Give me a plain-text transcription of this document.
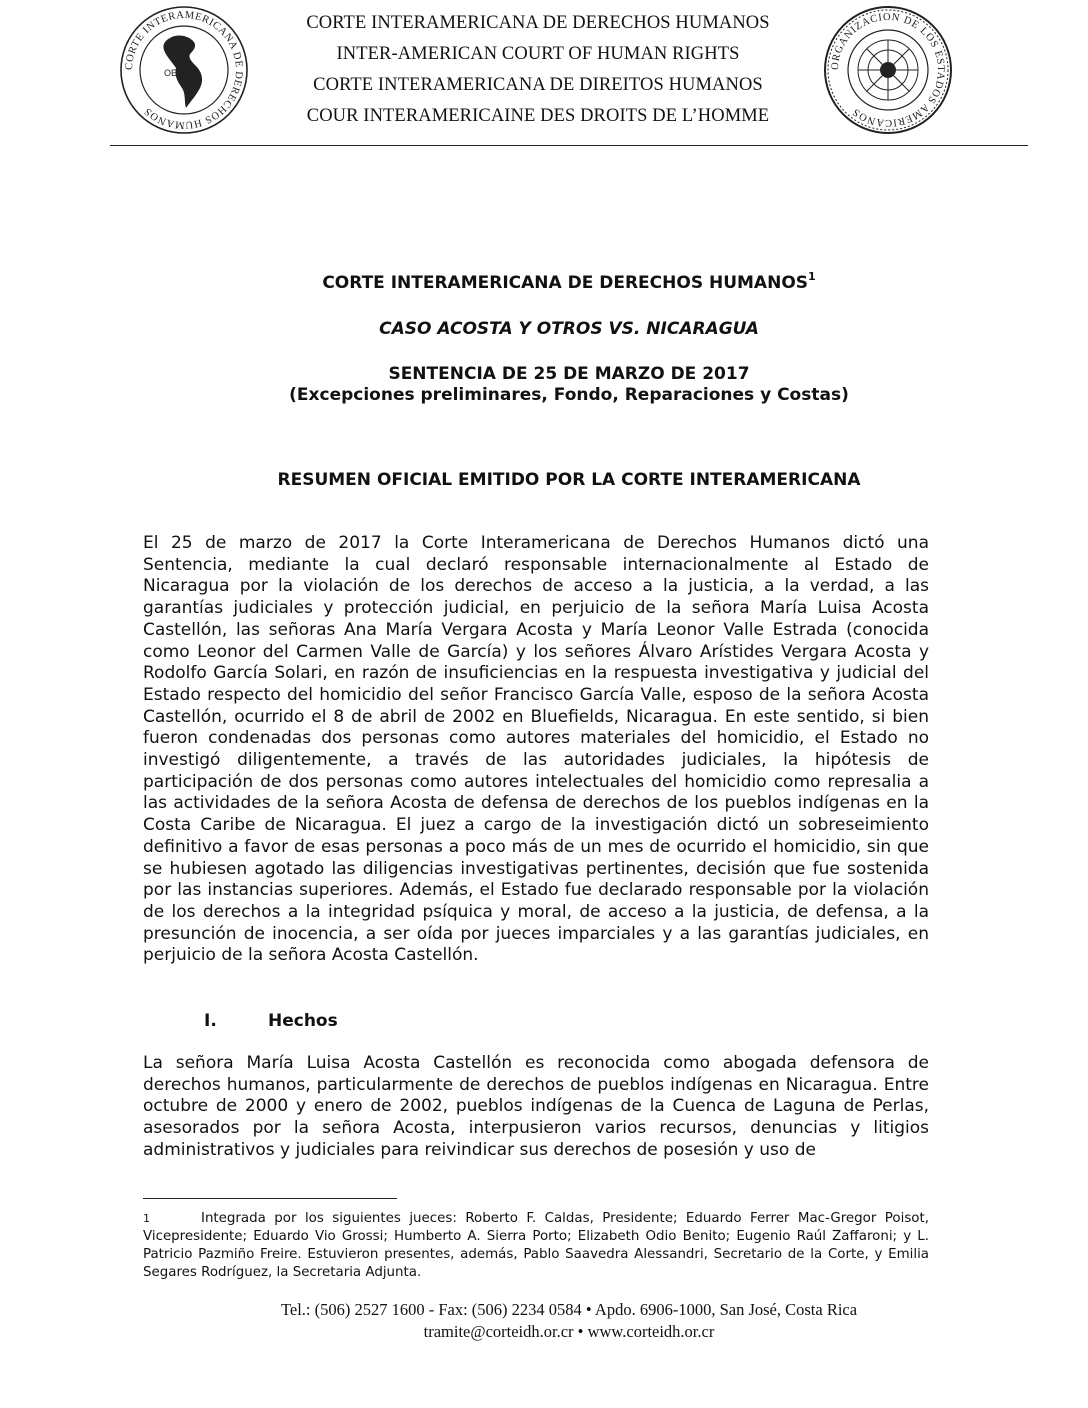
CORTE INTERAMERICANA DE DERECHOS HUMANOS
OEA
CORTE INTERAMERICANA DE DERECHOS HUMANOS
INTER-AMERICAN COURT OF HUMAN RIGHTS
CORTE INTERAMERICANA DE DIREITOS HUMANOS
COUR INTERAMERICAINE DES DROITS DE L’HOMME
ORGANIZACION DE LOS ESTADOS AMERICANOS
CORTE INTERAMERICANA DE DERECHOS HUMANOS$^1$
CASO ACOSTA Y OTROS VS. NICARAGUA
SENTENCIA DE 25 DE MARZO DE 2017
(Excepciones preliminares, Fondo, Reparaciones y Costas)
RESUMEN OFICIAL EMITIDO POR LA CORTE INTERAMERICANA

El 25 de marzo de 2017 la Corte Interamericana de Derechos Humanos dictó una Sentencia, mediante la cual declaró responsable internacionalmente al Estado de Nicaragua por la violación de los derechos de acceso a la justicia, a la verdad, a las garantías judiciales y protección judicial, en perjuicio de la señora María Luisa Acosta Castellón, las señoras Ana María Vergara Acosta y María Leonor Valle Estrada (conocida como Leonor del Carmen Valle de García) y los señores Álvaro Arístides Vergara Acosta y Rodolfo García Solari, en razón de insuficiencias en la respuesta investigativa y judicial del Estado respecto del homicidio del señor Francisco García Valle, esposo de la señora Acosta Castellón, ocurrido el 8 de abril de 2002 en Bluefields, Nicaragua. En este sentido, si bien fueron condenadas dos personas como autores materiales del homicidio, el Estado no investigó diligentemente, a través de las autoridades judiciales, la hipótesis de participación de dos personas como autores intelectuales del homicidio como represalia a las actividades de la señora Acosta de defensa de derechos de los pueblos indígenas en la Costa Caribe de Nicaragua. El juez a cargo de la investigación dictó un sobreseimiento definitivo a favor de esas personas a poco más de un mes de ocurrido el homicidio, sin que se hubiesen agotado las diligencias investigativas pertinentes, decisión que fue sostenida por las instancias superiores. Además, el Estado fue declarado responsable por la violación de los derechos a la integridad psíquica y moral, de acceso a la justicia, de defensa, a la presunción de inocencia, a ser oída por jueces imparciales y a las garantías judiciales, en perjuicio de la señora Acosta Castellón.

I.	Hechos

La señora María Luisa Acosta Castellón es reconocida como abogada defensora de derechos humanos, particularmente de derechos de pueblos indígenas en Nicaragua. Entre octubre de 2000 y enero de 2002, pueblos indígenas de la Cuenca de Laguna de Perlas, asesorados por la señora Acosta, interpusieron varios recursos, denuncias y litigios administrativos y judiciales para reivindicar sus derechos de posesión y uso de

1	Integrada por los siguientes jueces: Roberto F. Caldas, Presidente; Eduardo Ferrer Mac-Gregor Poisot, Vicepresidente; Eduardo Vio Grossi; Humberto A. Sierra Porto; Elizabeth Odio Benito; Eugenio Raúl Zaffaroni; y L. Patricio Pazmiño Freire. Estuvieron presentes, además, Pablo Saavedra Alessandri, Secretario de la Corte, y Emilia Segares Rodríguez, la Secretaria Adjunta.

Tel.: (506) 2527 1600 - Fax: (506) 2234 0584 • Apdo. 6906-1000, San José, Costa Rica
tramite@corteidh.or.cr • www.corteidh.or.cr
